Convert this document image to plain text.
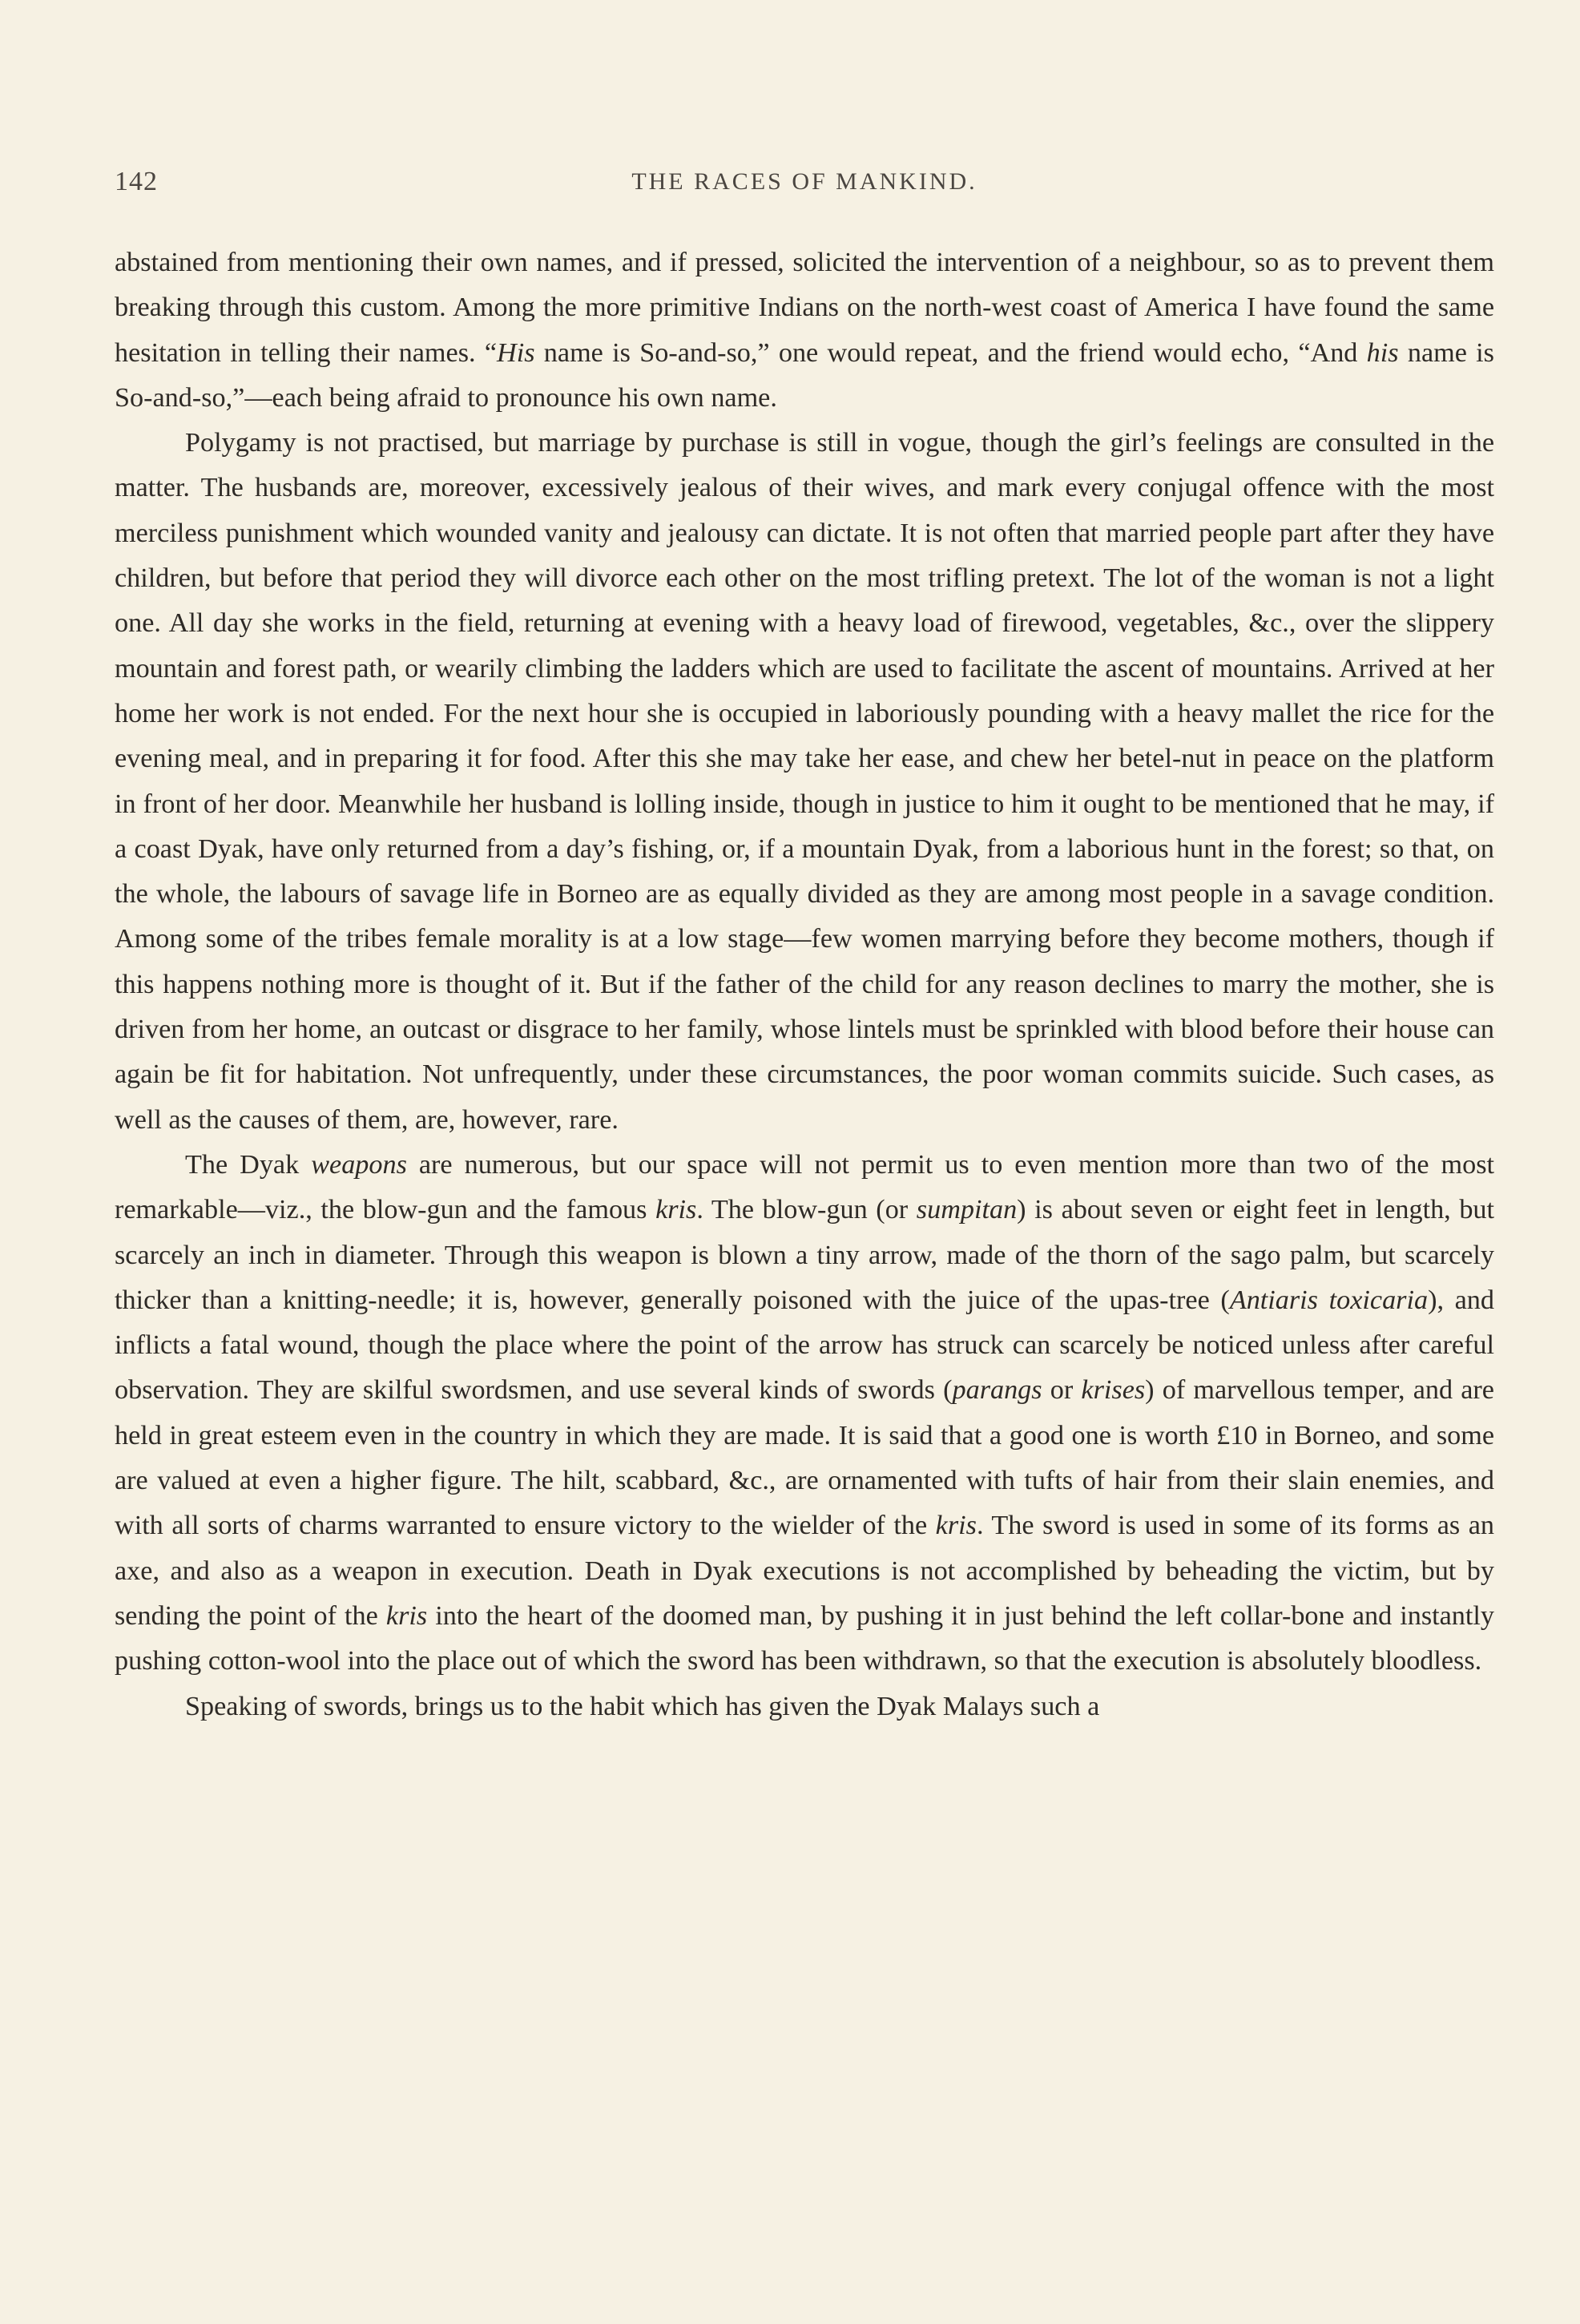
142	THE RACES OF MANKIND.

abstained from mentioning their own names, and if pressed, solicited the intervention of a neighbour, so as to prevent them breaking through this custom. Among the more primitive Indians on the north-west coast of America I have found the same hesitation in telling their names. “His name is So-and-so,” one would repeat, and the friend would echo, “And his name is So-and-so,”—each being afraid to pronounce his own name.

Polygamy is not practised, but marriage by purchase is still in vogue, though the girl’s feelings are consulted in the matter. The husbands are, moreover, excessively jealous of their wives, and mark every conjugal offence with the most merciless punishment which wounded vanity and jealousy can dictate. It is not often that married people part after they have children, but before that period they will divorce each other on the most trifling pretext. The lot of the woman is not a light one. All day she works in the field, returning at evening with a heavy load of firewood, vegetables, &c., over the slippery mountain and forest path, or wearily climbing the ladders which are used to facilitate the ascent of mountains. Arrived at her home her work is not ended. For the next hour she is occupied in laboriously pounding with a heavy mallet the rice for the evening meal, and in preparing it for food. After this she may take her ease, and chew her betel-nut in peace on the platform in front of her door. Meanwhile her husband is lolling inside, though in justice to him it ought to be mentioned that he may, if a coast Dyak, have only returned from a day’s fishing, or, if a mountain Dyak, from a laborious hunt in the forest; so that, on the whole, the labours of savage life in Borneo are as equally divided as they are among most people in a savage condition. Among some of the tribes female morality is at a low stage—few women marrying before they become mothers, though if this happens nothing more is thought of it. But if the father of the child for any reason declines to marry the mother, she is driven from her home, an outcast or disgrace to her family, whose lintels must be sprinkled with blood before their house can again be fit for habitation. Not unfrequently, under these circumstances, the poor woman commits suicide. Such cases, as well as the causes of them, are, however, rare.

The Dyak weapons are numerous, but our space will not permit us to even mention more than two of the most remarkable—viz., the blow-gun and the famous kris. The blow-gun (or sumpitan) is about seven or eight feet in length, but scarcely an inch in diameter. Through this weapon is blown a tiny arrow, made of the thorn of the sago palm, but scarcely thicker than a knitting-needle; it is, however, generally poisoned with the juice of the upas-tree (Antiaris toxicaria), and inflicts a fatal wound, though the place where the point of the arrow has struck can scarcely be noticed unless after careful observation. They are skilful swordsmen, and use several kinds of swords (parangs or krises) of marvellous temper, and are held in great esteem even in the country in which they are made. It is said that a good one is worth £10 in Borneo, and some are valued at even a higher figure. The hilt, scabbard, &c., are ornamented with tufts of hair from their slain enemies, and with all sorts of charms warranted to ensure victory to the wielder of the kris. The sword is used in some of its forms as an axe, and also as a weapon in execution. Death in Dyak executions is not accomplished by beheading the victim, but by sending the point of the kris into the heart of the doomed man, by pushing it in just behind the left collar-bone and instantly pushing cotton-wool into the place out of which the sword has been withdrawn, so that the execution is absolutely bloodless.

Speaking of swords, brings us to the habit which has given the Dyak Malays such a
